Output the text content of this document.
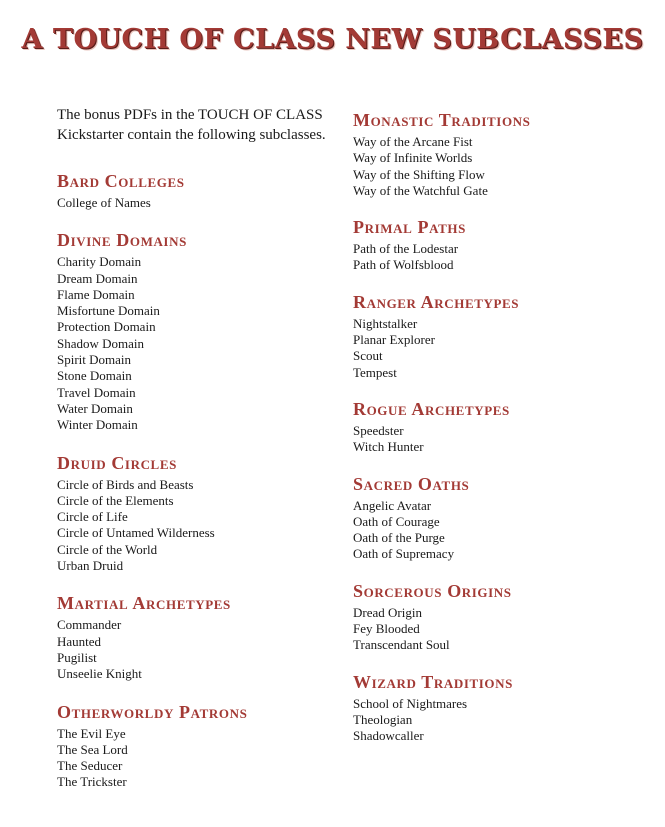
A TOUCH OF CLASS NEW SUBCLASSES

The bonus PDFs in the TOUCH OF CLASS Kickstarter contain the following subclasses.

Bard Colleges
College of Names
Divine Domains
Charity Domain
Dream Domain
Flame Domain
Misfortune Domain
Protection Domain
Shadow Domain
Spirit Domain
Stone Domain
Travel Domain
Water Domain
Winter Domain
Druid Circles
Circle of Birds and Beasts
Circle of the Elements
Circle of Life
Circle of Untamed Wilderness
Circle of the World
Urban Druid
Martial Archetypes
Commander
Haunted
Pugilist
Unseelie Knight
Otherworldy Patrons
The Evil Eye
The Sea Lord
The Seducer
The Trickster
Monastic Traditions
Way of the Arcane Fist
Way of Infinite Worlds
Way of the Shifting Flow
Way of the Watchful Gate
Primal Paths
Path of the Lodestar
Path of Wolfsblood
Ranger Archetypes
Nightstalker
Planar Explorer
Scout
Tempest
Rogue Archetypes
Speedster
Witch Hunter
Sacred Oaths
Angelic Avatar
Oath of Courage
Oath of the Purge
Oath of Supremacy
Sorcerous Origins
Dread Origin
Fey Blooded
Transcendant Soul
Wizard Traditions
School of Nightmares
Theologian
Shadowcaller
